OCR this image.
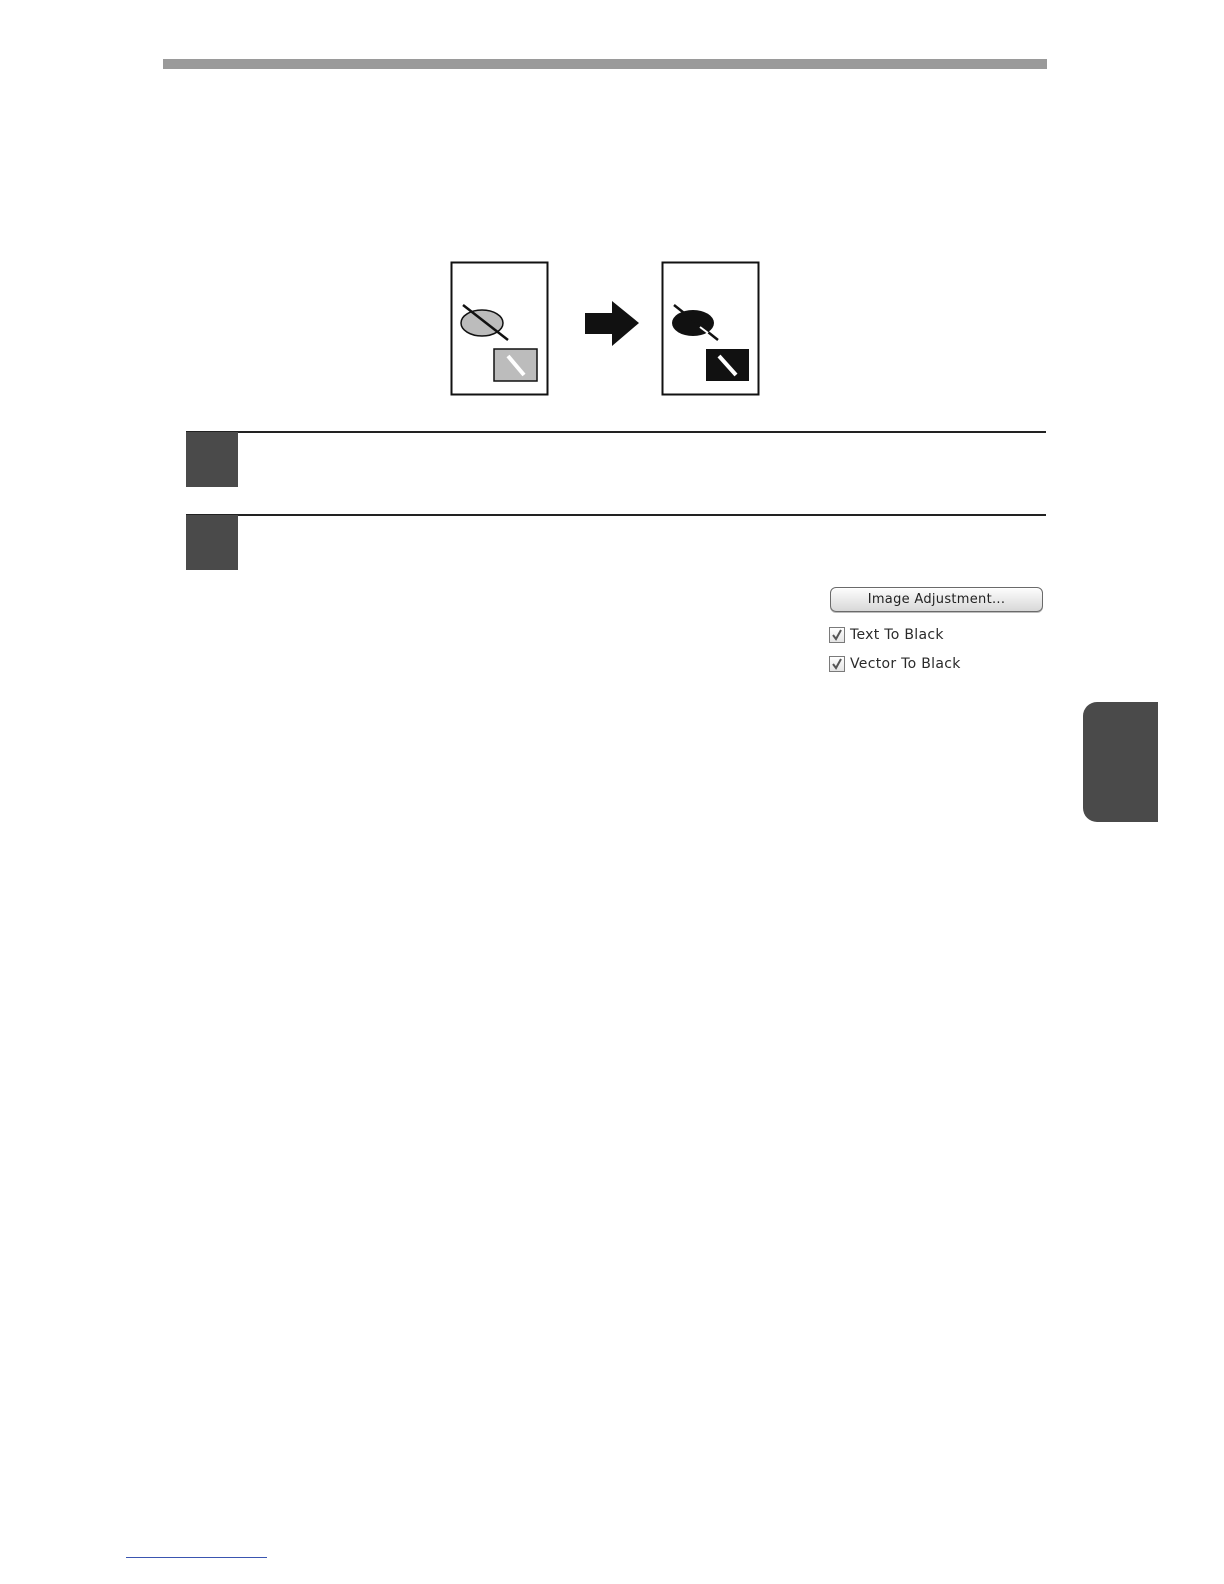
Image Adjustment...
Text To Black
Vector To Black
